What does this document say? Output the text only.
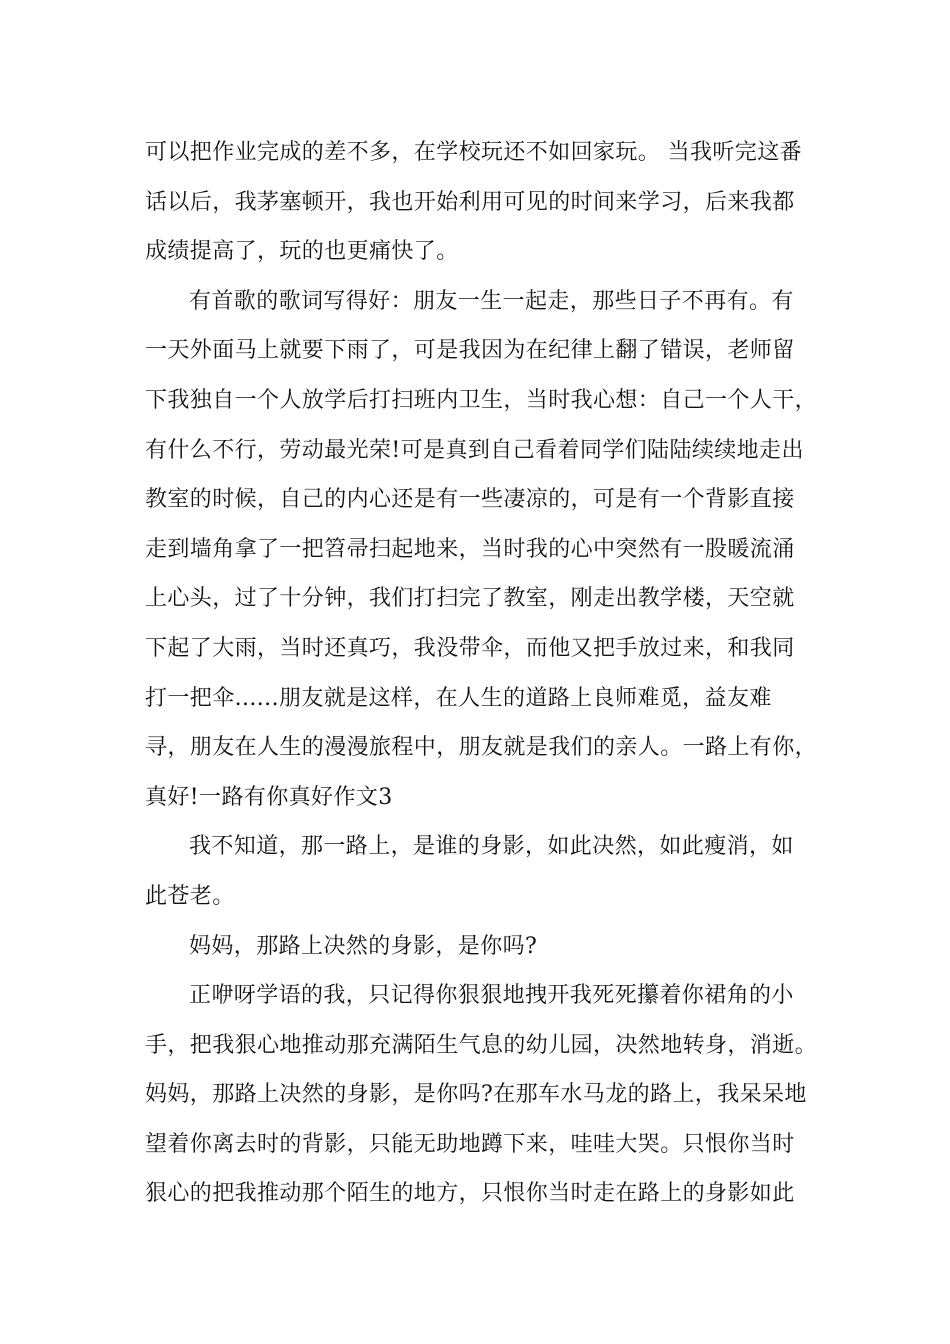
可以把作业完成的差不多，在学校玩还不如回家玩。 当我听完这番
话以后，我茅塞顿开，我也开始利用可见的时间来学习，后来我都
成绩提高了，玩的也更痛快了。
有首歌的歌词写得好：朋友一生一起走，那些日子不再有。有
一天外面马上就要下雨了，可是我因为在纪律上翻了错误，老师留
下我独自一个人放学后打扫班内卫生，当时我心想：自己一个人干，
有什么不行，劳动最光荣!可是真到自己看着同学们陆陆续续地走出
教室的时候，自己的内心还是有一些凄凉的，可是有一个背影直接
走到墙角拿了一把笤帚扫起地来，当时我的心中突然有一股暖流涌
上心头，过了十分钟，我们打扫完了教室，刚走出教学楼，天空就
下起了大雨，当时还真巧，我没带伞，而他又把手放过来，和我同
打一把伞......朋友就是这样，在人生的道路上良师难觅，益友难
寻，朋友在人生的漫漫旅程中，朋友就是我们的亲人。一路上有你，
真好!一路有你真好作文3
我不知道，那一路上，是谁的身影，如此决然，如此瘦消，如
此苍老。
妈妈，那路上决然的身影，是你吗?
正咿呀学语的我，只记得你狠狠地拽开我死死攥着你裙角的小
手，把我狠心地推动那充满陌生气息的幼儿园，决然地转身，消逝。
妈妈，那路上决然的身影，是你吗?在那车水马龙的路上，我呆呆地
望着你离去时的背影，只能无助地蹲下来，哇哇大哭。只恨你当时
狠心的把我推动那个陌生的地方，只恨你当时走在路上的身影如此
